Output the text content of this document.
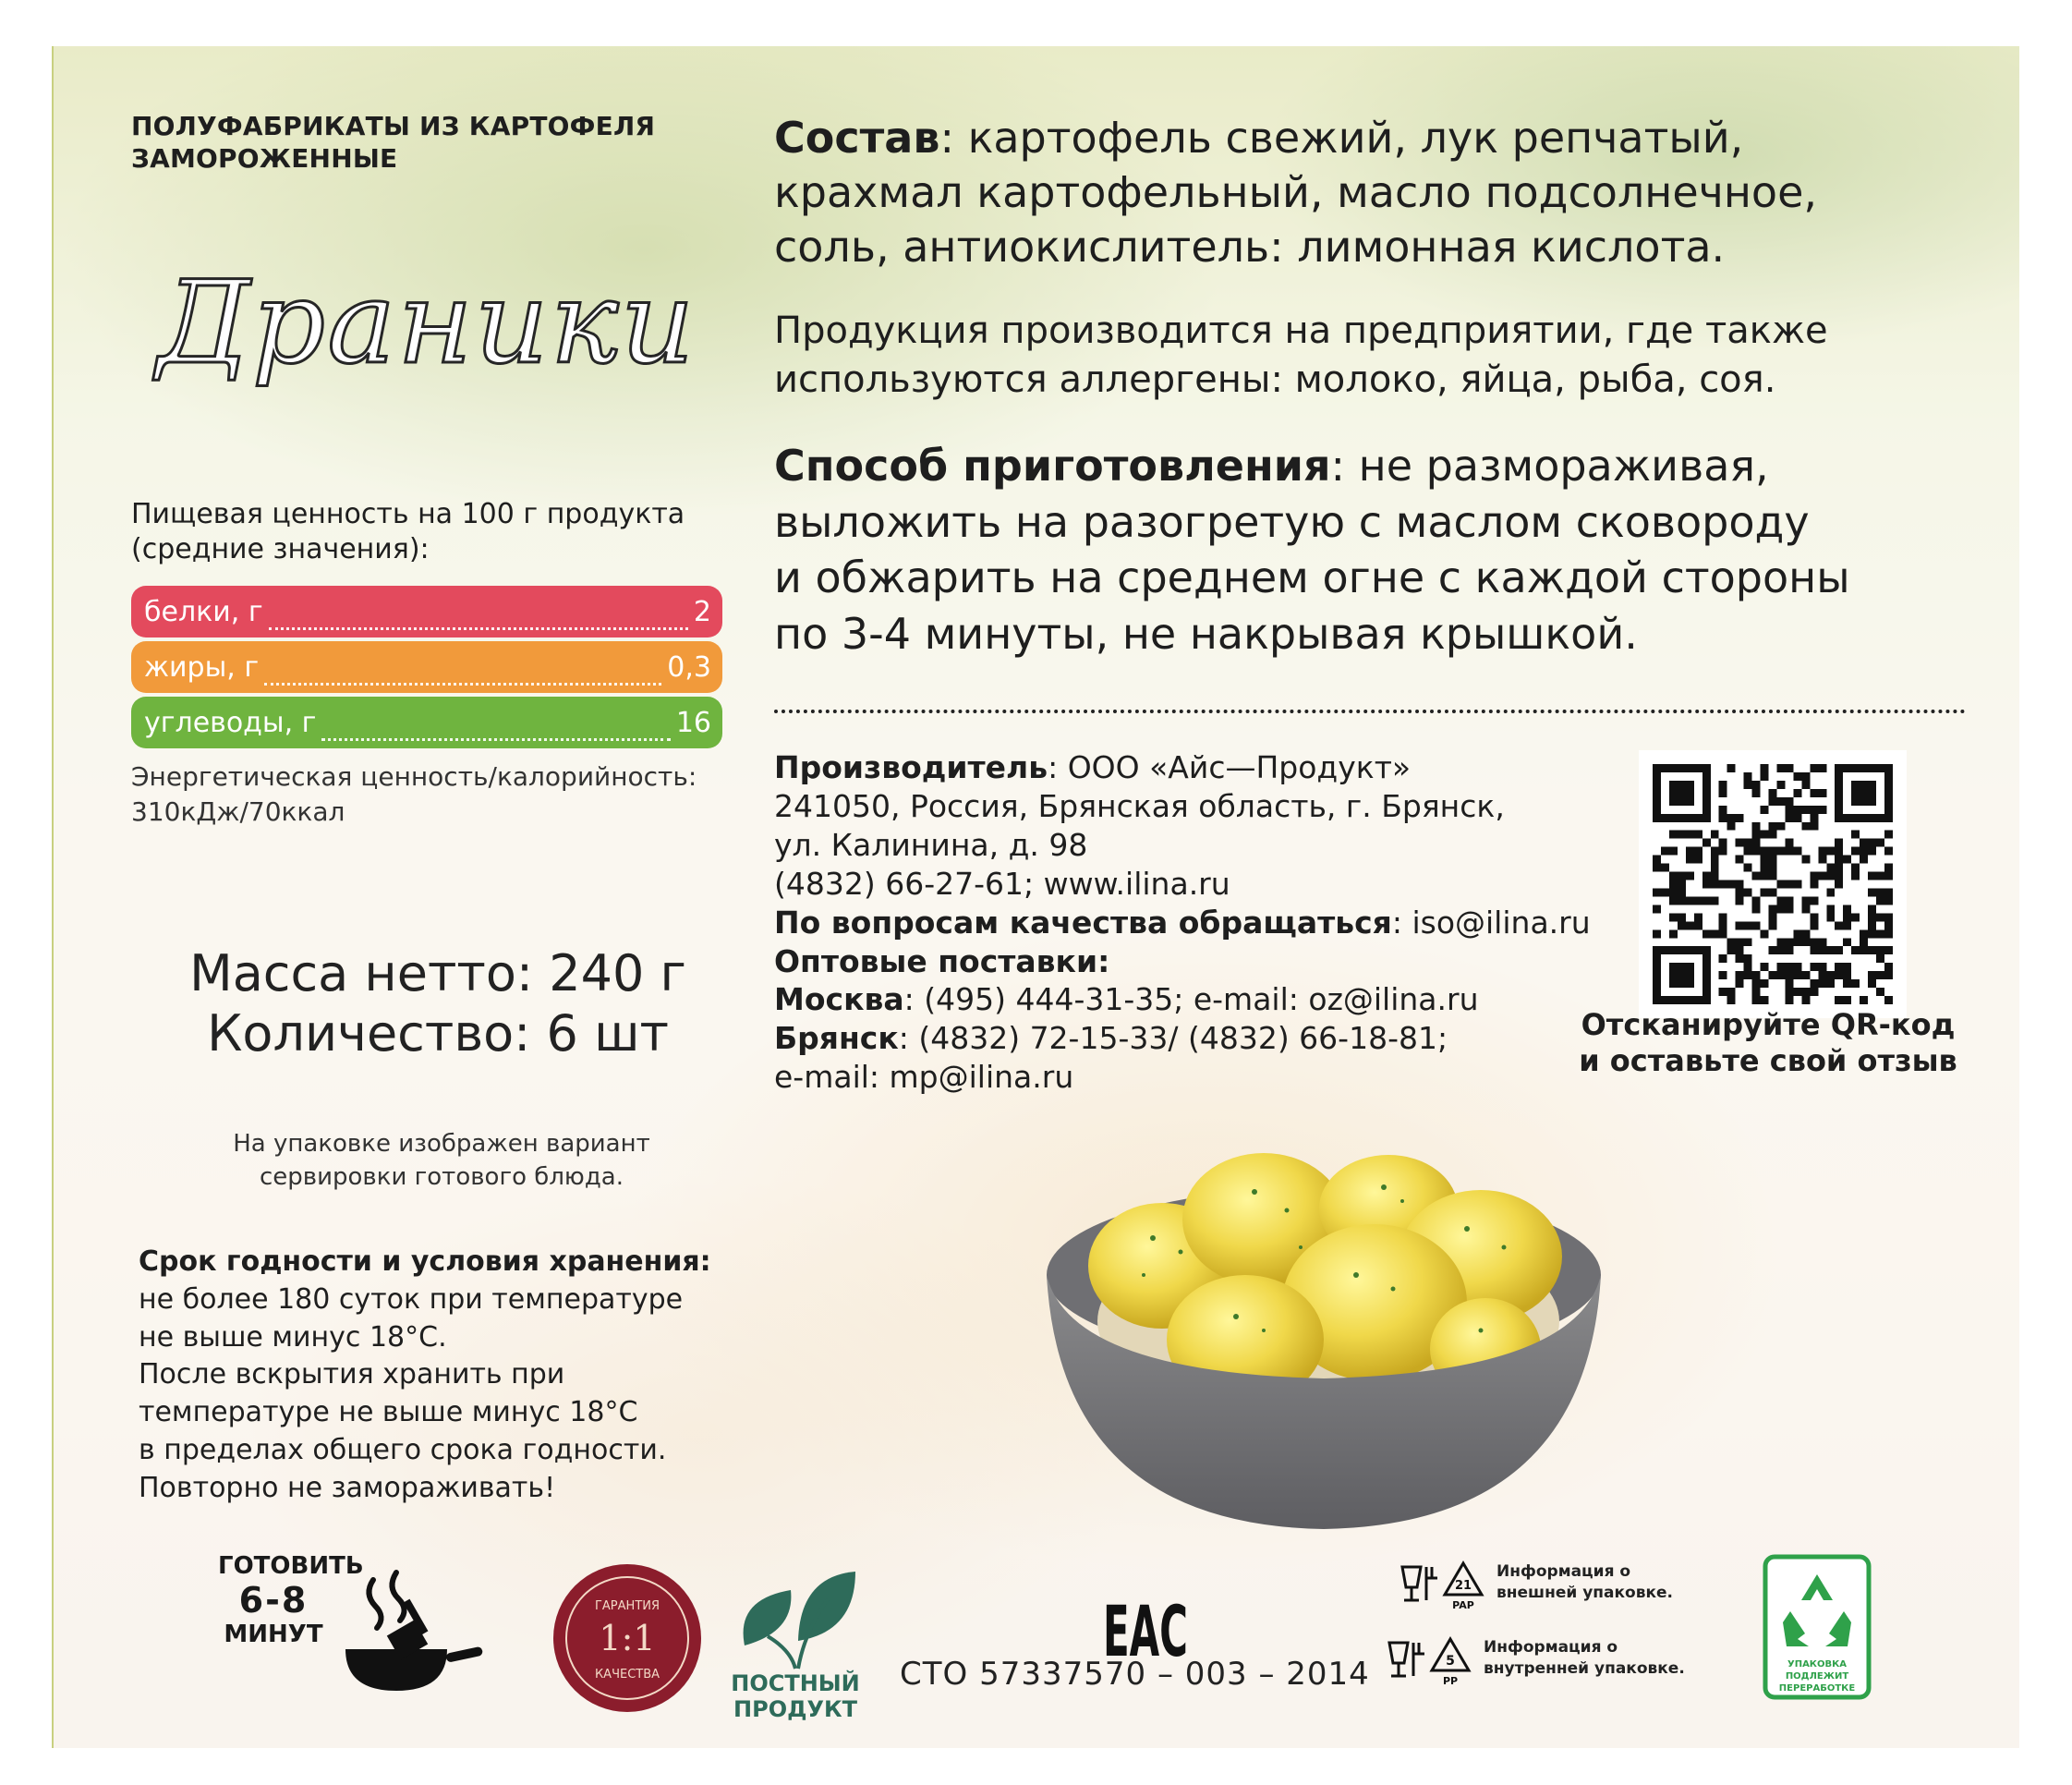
ПОЛУФАБРИКАТЫ ИЗ КАРТОФЕЛЯ
ЗАМОРОЖЕННЫЕ
Драники
Пищевая ценность на 100 г продукта
(средние значения):
белки, г	2
жиры, г	0,3
углеводы, г	16
Энергетическая ценность/калорийность:
310кДж/70ккал
Масса нетто: 240 г
Количество: 6 шт
На упаковке изображен вариант
сервировки готового блюда.
Срок годности и условия хранения:
не более 180 суток при температуре
не выше минус 18°С.
После вскрытия хранить при
температуре не выше минус 18°С
в пределах общего срока годности.
Повторно не замораживать!
Состав: картофель свежий, лук репчатый,
крахмал картофельный, масло подсолнечное,
соль, антиокислитель: лимонная кислота.
Продукция производится на предприятии, где также
используются аллергены: молоко, яйца, рыба, соя.
Способ приготовления: не размораживая,
выложить на разогретую с маслом сковороду
и обжарить на среднем огне с каждой стороны
по 3-4 минуты, не накрывая крышкой.
Производитель: ООО «Айс—Продукт»
241050, Россия, Брянская область, г. Брянск,
ул. Калинина, д. 98
(4832) 66-27-61; www.ilina.ru
По вопросам качества обращаться: iso@ilina.ru
Оптовые поставки:
Москва: (495) 444-31-35; e-mail: oz@ilina.ru
Брянск: (4832) 72-15-33/ (4832) 66-18-81;
e-mail: mp@ilina.ru
Отсканируйте QR-код
и оставьте свой отзыв
ГОТОВИТЬ
6-8
МИНУТ
ГАРАНТИЯ
1:1
КАЧЕСТВА	ПОСТНЫЙ
ПРОДУКТ
EAC
СТО 57337570 – 003 – 2014
21
PAP
Информация о
внешней упаковке.
5
PP
Информация о
внутренней упаковке.	УПАКОВКА
ПОДЛЕЖИТ
ПЕРЕРАБОТКЕ
